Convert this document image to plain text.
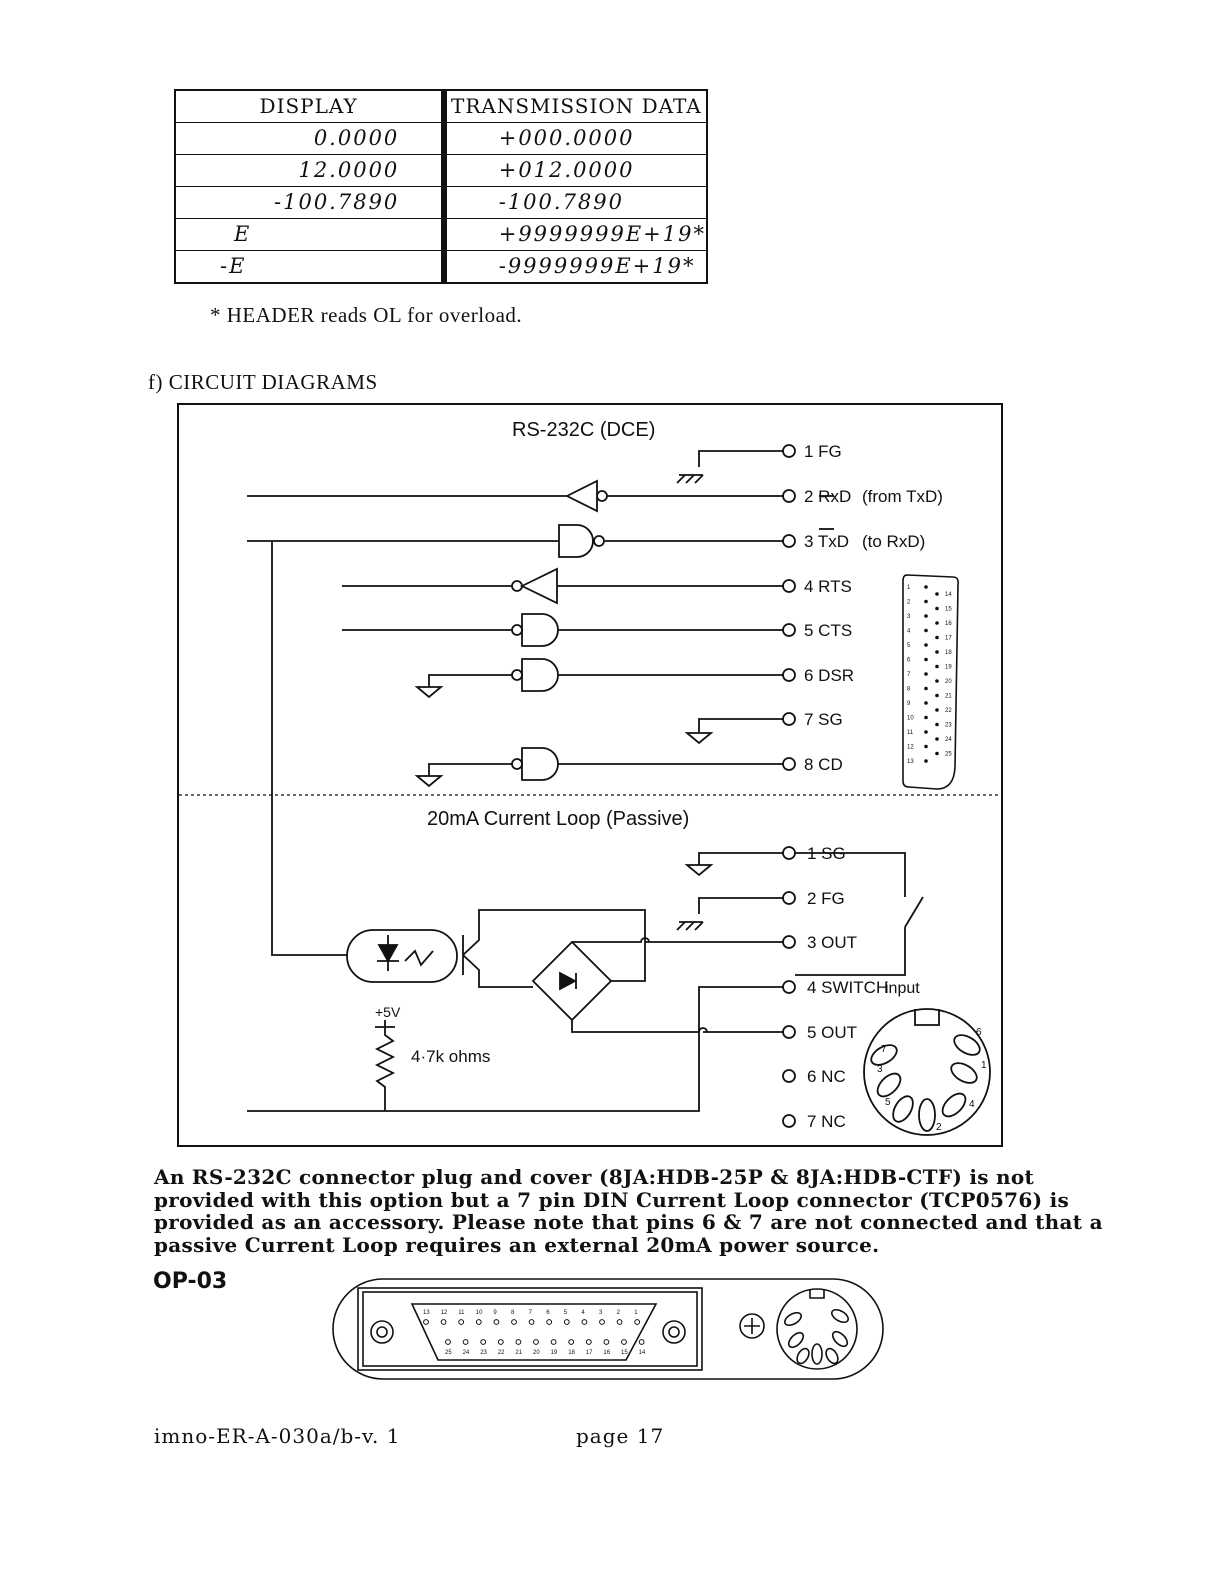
DISPLAY		TRANSMISSION DATA
0.0000		+000.0000
12.0000		+012.0000
-100.7890		-100.7890
E		+9999999E+19*
-E		-9999999E+19*
* HEADER reads OL for overload.
f) CIRCUIT DIAGRAMS
RS-232C (DCE)
20mA Current Loop (Passive)
1 FG
2 RxD (from TxD)
3 TxD (to RxD)
4 RTS
5 CTS
6 DSR
7 SG
8 CD
1
2
3
4
5
6
7
8
9
10
11
12
13
14
15
16
17
18
19
20
21
22
23
24
25
1 SG
2 FG
3 OUT
4 SWITCH
input
5 OUT
6 NC
7 NC
+5V
4·7k ohms	7
6
3	1
5	4
2
An RS-232C connector plug and cover (8JA:HDB-25P & 8JA:HDB-CTF) is not provided with this option but a 7 pin DIN Current Loop connector (TCP0576) is provided as an accessory. Please note that pins 6 & 7 are not connected and that a passive Current Loop requires an external 20mA power source.
OP-03
13 12 11 10 9 8 7 6 5 4 3 2 1
25 24 23 22 21 20 19 18 17 16 15 14
imno-ER-A-030a/b-v. 1	page 17
